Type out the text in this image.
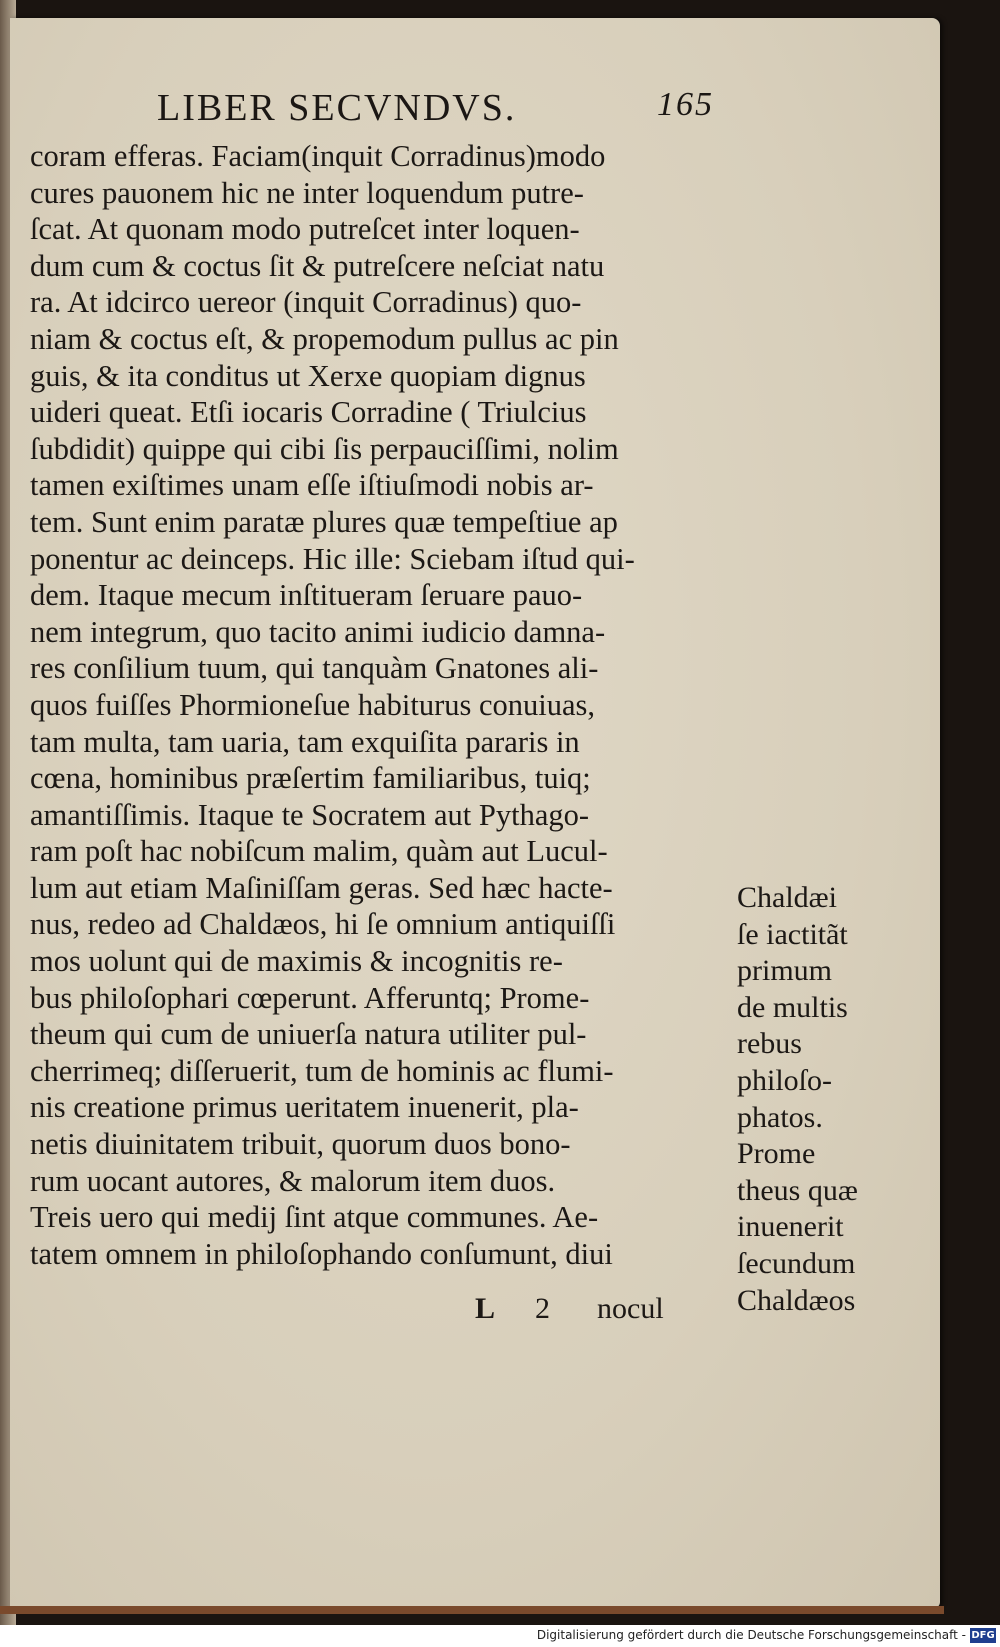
LIBER SECVNDVS.	165
coram efferas. Faciam(inquit Corradinus)modo
cures pauonem hic ne inter loquendum putre-
ſcat. At quonam modo putreſcet inter loquen-
dum cum & coctus ſit & putreſcere neſciat natu
ra. At idcirco uereor (inquit Corradinus) quo-
niam & coctus eſt, & propemodum pullus ac pin
guis, & ita conditus ut Xerxe quopiam dignus
uideri queat. Etſi iocaris Corradine ( Triulcius
ſubdidit) quippe qui cibi ſis perpauciſſimi, nolim
tamen exiſtimes unam eſſe iſtiuſmodi nobis ar-
tem. Sunt enim paratæ plures quæ tempeſtiue ap
ponentur ac deinceps. Hic ille: Sciebam iſtud qui-
dem. Itaque mecum inſtitueram ſeruare pauo-
nem integrum, quo tacito animi iudicio damna-
res conſilium tuum, qui tanquàm Gnatones ali-
quos fuiſſes Phormioneſue habiturus conuiuas,
tam multa, tam uaria, tam exquiſita pararis in
cœna, hominibus præſertim familiaribus, tuiq;
amantiſſimis. Itaque te Socratem aut Pythago-
ram poſt hac nobiſcum malim, quàm aut Lucul-
lum aut etiam Maſiniſſam geras. Sed hæc hacte-
nus, redeo ad Chaldæos, hi ſe omnium antiquiſſi
mos uolunt qui de maximis & incognitis re-
bus philoſophari cœperunt. Afferuntq; Prome-
theum qui cum de uniuerſa natura utiliter pul-
cherrimeq; diſſeruerit, tum de hominis ac flumi-
nis creatione primus ueritatem inuenerit, pla-
netis diuinitatem tribuit, quorum duos bono-
rum uocant autores, & malorum item duos.
Treis uero qui medij ſint atque communes. Ae-
tatem omnem in philoſophando conſumunt, diui
Chaldæi
ſe iactitãt
primum
de multis
rebus
philoſo-
phatos.
Prome
theus quæ
inuenerit
ſecundum
Chaldæos
L 2 nocul
Digitalisierung gefördert durch die Deutsche Forschungsgemeinschaft - DFG
